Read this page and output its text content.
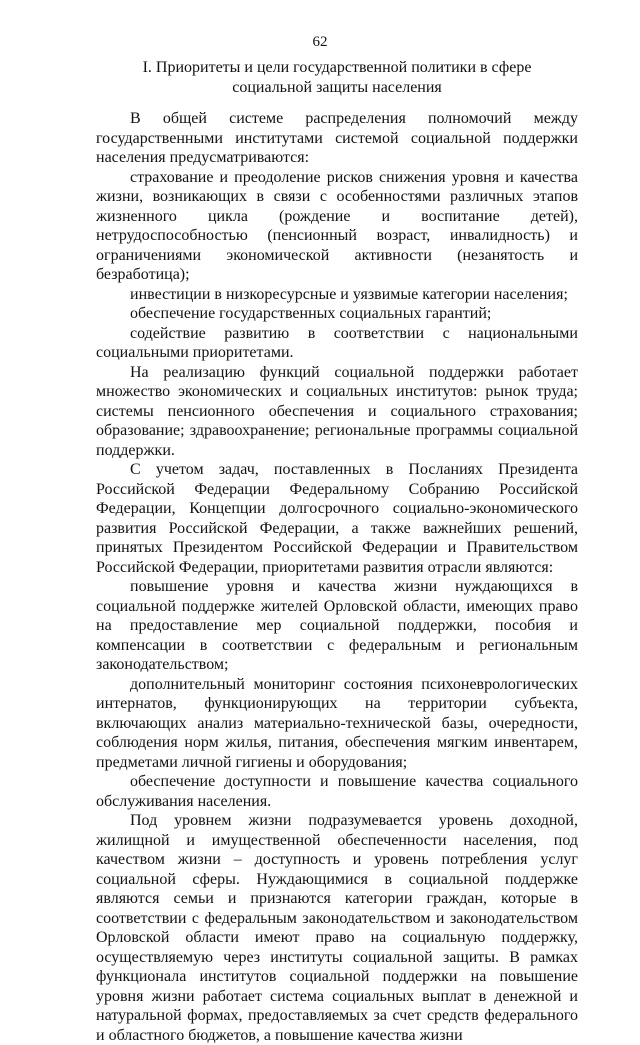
62
I. Приоритеты и цели государственной политики в сфере
социальной защиты населения

В общей системе распределения полномочий между государственными институтами системой социальной поддержки населения предусматриваются:

страхование и преодоление рисков снижения уровня и качества жизни, возникающих в связи с особенностями различных этапов жизненного цикла (рождение и воспитание детей), нетрудоспособностью (пенсионный возраст, инвалидность) и ограничениями экономической активности (незанятость и безработица);

инвестиции в низкоресурсные и уязвимые категории населения;

обеспечение государственных социальных гарантий;

содействие развитию в соответствии с национальными социальными приоритетами.

На реализацию функций социальной поддержки работает множество экономических и социальных институтов: рынок труда; системы пенсионного обеспечения и социального страхования; образование; здравоохранение; региональные программы социальной поддержки.

С учетом задач, поставленных в Посланиях Президента Российской Федерации Федеральному Собранию Российской Федерации, Концепции долгосрочного социально-экономического развития Российской Федерации, а также важнейших решений, принятых Президентом Российской Федерации и Правительством Российской Федерации, приоритетами развития отрасли являются:

повышение уровня и качества жизни нуждающихся в социальной поддержке жителей Орловской области, имеющих право на предоставление мер социальной поддержки, пособия и компенсации в соответствии с федеральным и региональным законодательством;

дополнительный мониторинг состояния психоневрологических интернатов, функционирующих на территории субъекта, включающих анализ материально-технической базы, очередности, соблюдения норм жилья, питания, обеспечения мягким инвентарем, предметами личной гигиены и оборудования;

обеспечение доступности и повышение качества социального обслуживания населения.

Под уровнем жизни подразумевается уровень доходной, жилищной и имущественной обеспеченности населения, под качеством жизни – доступность и уровень потребления услуг социальной сферы. Нуждающимися в социальной поддержке являются семьи и признаются категории граждан, которые в соответствии с федеральным законодательством и законодательством Орловской области имеют право на социальную поддержку, осуществляемую через институты социальной защиты. В рамках функционала институтов социальной поддержки на повышение уровня жизни работает система социальных выплат в денежной и натуральной формах, предоставляемых за счет средств федерального и областного бюджетов, а повышение качества жизни
